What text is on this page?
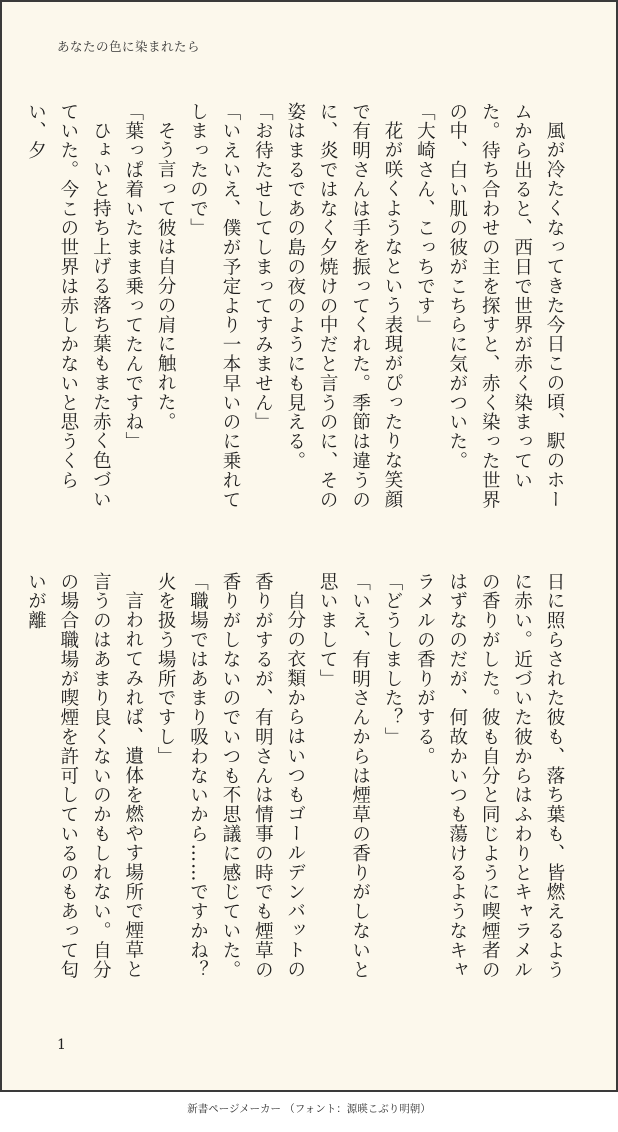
あなたの色に染まれたら
風が冷たくなってきた今日この頃、駅のホームから出ると、西日で世界が赤く染まっていた。待ち合わせの主を探すと、赤く染った世界の中、白い肌の彼がこちらに気がついた。
「大崎さん、こっちです」
花が咲くようなという表現がぴったりな笑顔で有明さんは手を振ってくれた。季節は違うのに、炎ではなく夕焼けの中だと言うのに、その姿はまるであの島の夜のようにも見える。
「お待たせしてしまってすみません」
「いえいえ、僕が予定より一本早いのに乗れてしまったので」
そう言って彼は自分の肩に触れた。
「葉っぱ着いたまま乗ってたんですね」
ひょいと持ち上げる落ち葉もまた赤く色づいていた。今この世界は赤しかないと思うくらい、夕
日に照らされた彼も、落ち葉も、皆燃えるように赤い。近づいた彼からはふわりとキャラメルの香りがした。彼も自分と同じように喫煙者のはずなのだが、何故かいつも蕩けるようなキャラメルの香りがする。
「どうしました？」
「いえ、有明さんからは煙草の香りがしないと思いまして」
自分の衣類からはいつもゴールデンバットの香りがするが、有明さんは情事の時でも煙草の香りがしないのでいつも不思議に感じていた。
「職場ではあまり吸わないから……ですかね？火を扱う場所ですし」
言われてみれば、遺体を燃やす場所で煙草と言うのはあまり良くないのかもしれない。自分の場合職場が喫煙を許可しているのもあって匂いが離
1
新書ページメーカー （フォント：源暎こぶり明朝）
